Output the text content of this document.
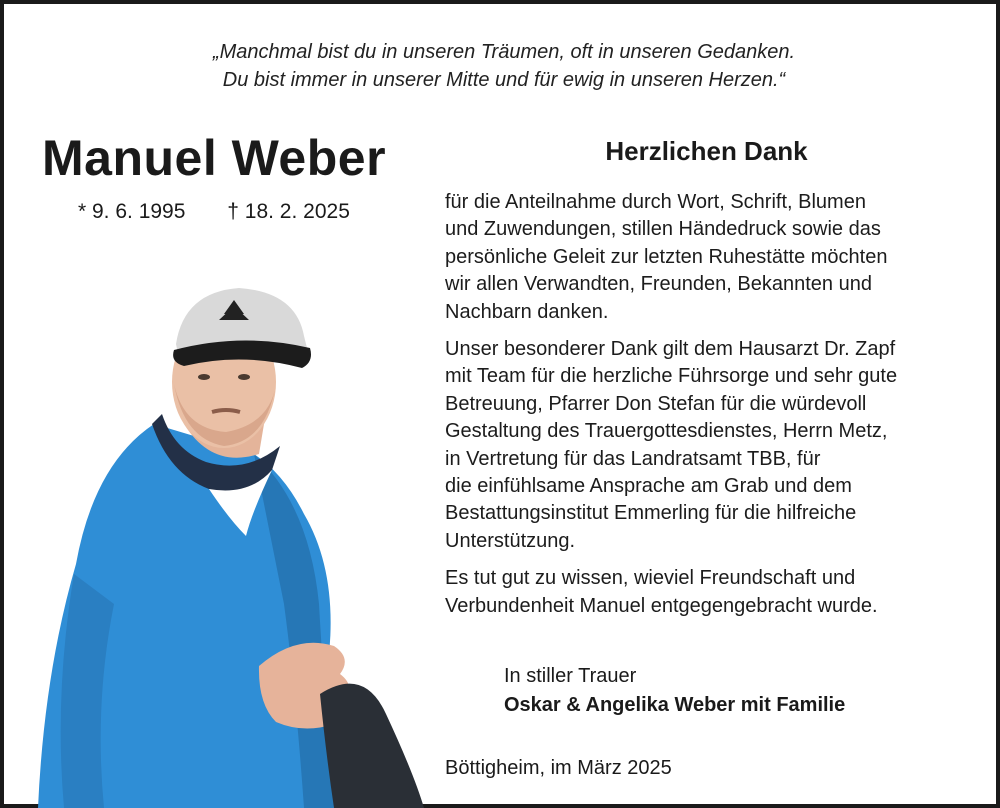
„Manchmal bist du in unseren Träumen, oft in unseren Gedanken.
Du bist immer in unserer Mitte und für ewig in unseren Herzen.“
Manuel Weber
* 9. 6. 1995 † 18. 2. 2025
Herzlichen Dank

für die Anteilnahme durch Wort, Schrift, Blumen
und Zuwendungen, stillen Händedruck sowie das
persönliche Geleit zur letzten Ruhestätte möchten
wir allen Verwandten, Freunden, Bekannten und
Nachbarn danken.

Unser besonderer Dank gilt dem Hausarzt Dr. Zapf
mit Team für die herzliche Führsorge und sehr gute
Betreuung, Pfarrer Don Stefan für die würdevoll
Gestaltung des Trauergottesdienstes, Herrn Metz,
in Vertretung für das Landratsamt TBB, für
die einfühlsame Ansprache am Grab und dem
Bestattungsinstitut Emmerling für die hilfreiche
Unterstützung.

Es tut gut zu wissen, wieviel Freundschaft und
Verbundenheit Manuel entgegengebracht wurde.

In stiller Trauer
Oskar & Angelika Weber mit Familie
Böttigheim, im März 2025
